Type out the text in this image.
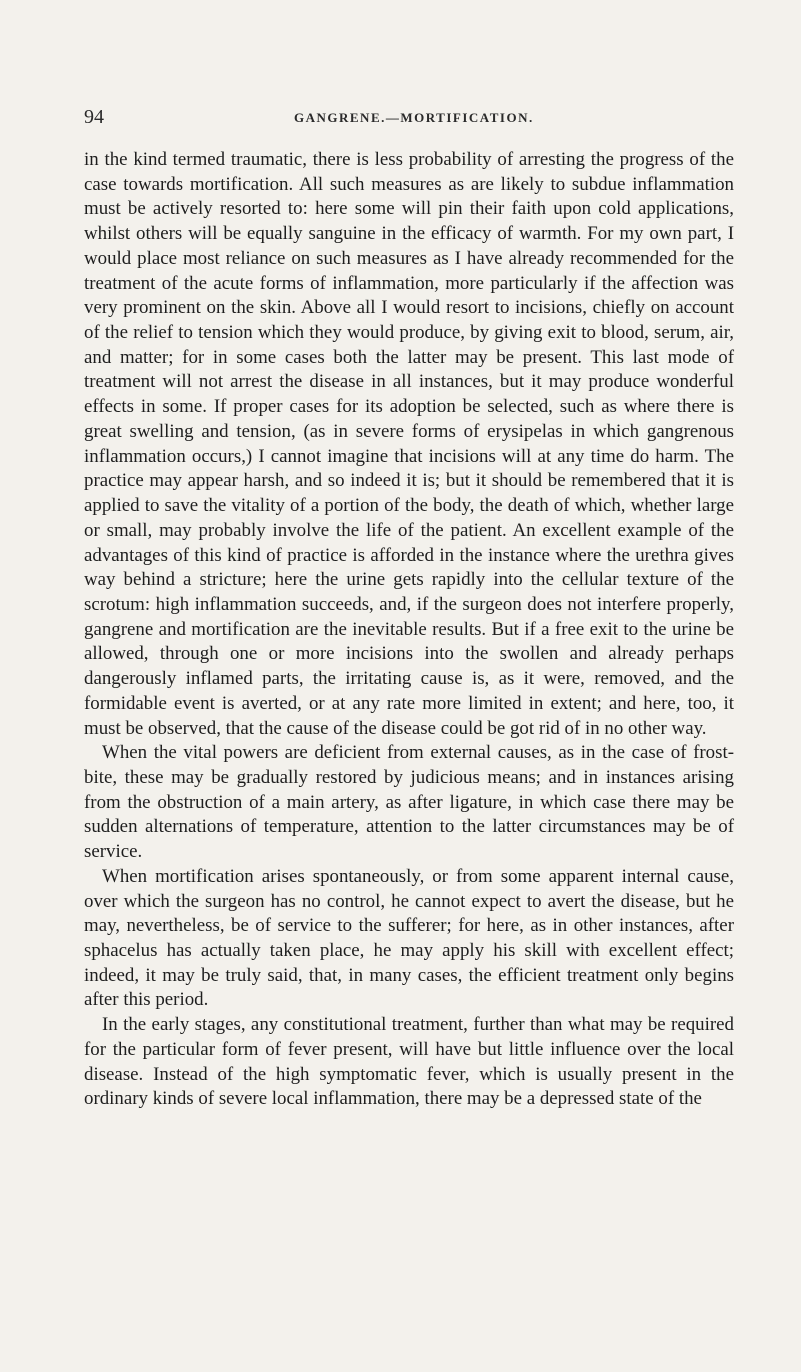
94	GANGRENE.—MORTIFICATION.

in the kind termed traumatic, there is less probability of arresting the progress of the case towards mortification. All such measures as are likely to subdue inflammation must be actively resorted to: here some will pin their faith upon cold applications, whilst others will be equally sanguine in the efficacy of warmth. For my own part, I would place most reliance on such measures as I have already recommended for the treatment of the acute forms of inflammation, more particularly if the affection was very prominent on the skin. Above all I would resort to incisions, chiefly on account of the relief to tension which they would produce, by giving exit to blood, serum, air, and matter; for in some cases both the latter may be present. This last mode of treatment will not arrest the disease in all instances, but it may produce wonderful effects in some. If proper cases for its adoption be selected, such as where there is great swelling and tension, (as in severe forms of erysipelas in which gangrenous inflammation occurs,) I cannot imagine that incisions will at any time do harm. The practice may appear harsh, and so indeed it is; but it should be remembered that it is applied to save the vitality of a portion of the body, the death of which, whether large or small, may probably involve the life of the patient. An excellent example of the advantages of this kind of practice is afforded in the instance where the urethra gives way behind a stricture; here the urine gets rapidly into the cellular texture of the scrotum: high inflammation succeeds, and, if the surgeon does not interfere properly, gangrene and mortification are the inevitable results. But if a free exit to the urine be allowed, through one or more incisions into the swollen and already perhaps dangerously inflamed parts, the irritating cause is, as it were, removed, and the formidable event is averted, or at any rate more limited in extent; and here, too, it must be observed, that the cause of the disease could be got rid of in no other way.

When the vital powers are deficient from external causes, as in the case of frost-bite, these may be gradually restored by judicious means; and in instances arising from the obstruction of a main artery, as after ligature, in which case there may be sudden alternations of temperature, attention to the latter circumstances may be of service.

When mortification arises spontaneously, or from some apparent internal cause, over which the surgeon has no control, he cannot expect to avert the disease, but he may, nevertheless, be of service to the sufferer; for here, as in other instances, after sphacelus has actually taken place, he may apply his skill with excellent effect; indeed, it may be truly said, that, in many cases, the efficient treatment only begins after this period.

In the early stages, any constitutional treatment, further than what may be required for the particular form of fever present, will have but little influence over the local disease. Instead of the high symptomatic fever, which is usually present in the ordinary kinds of severe local inflammation, there may be a depressed state of the
